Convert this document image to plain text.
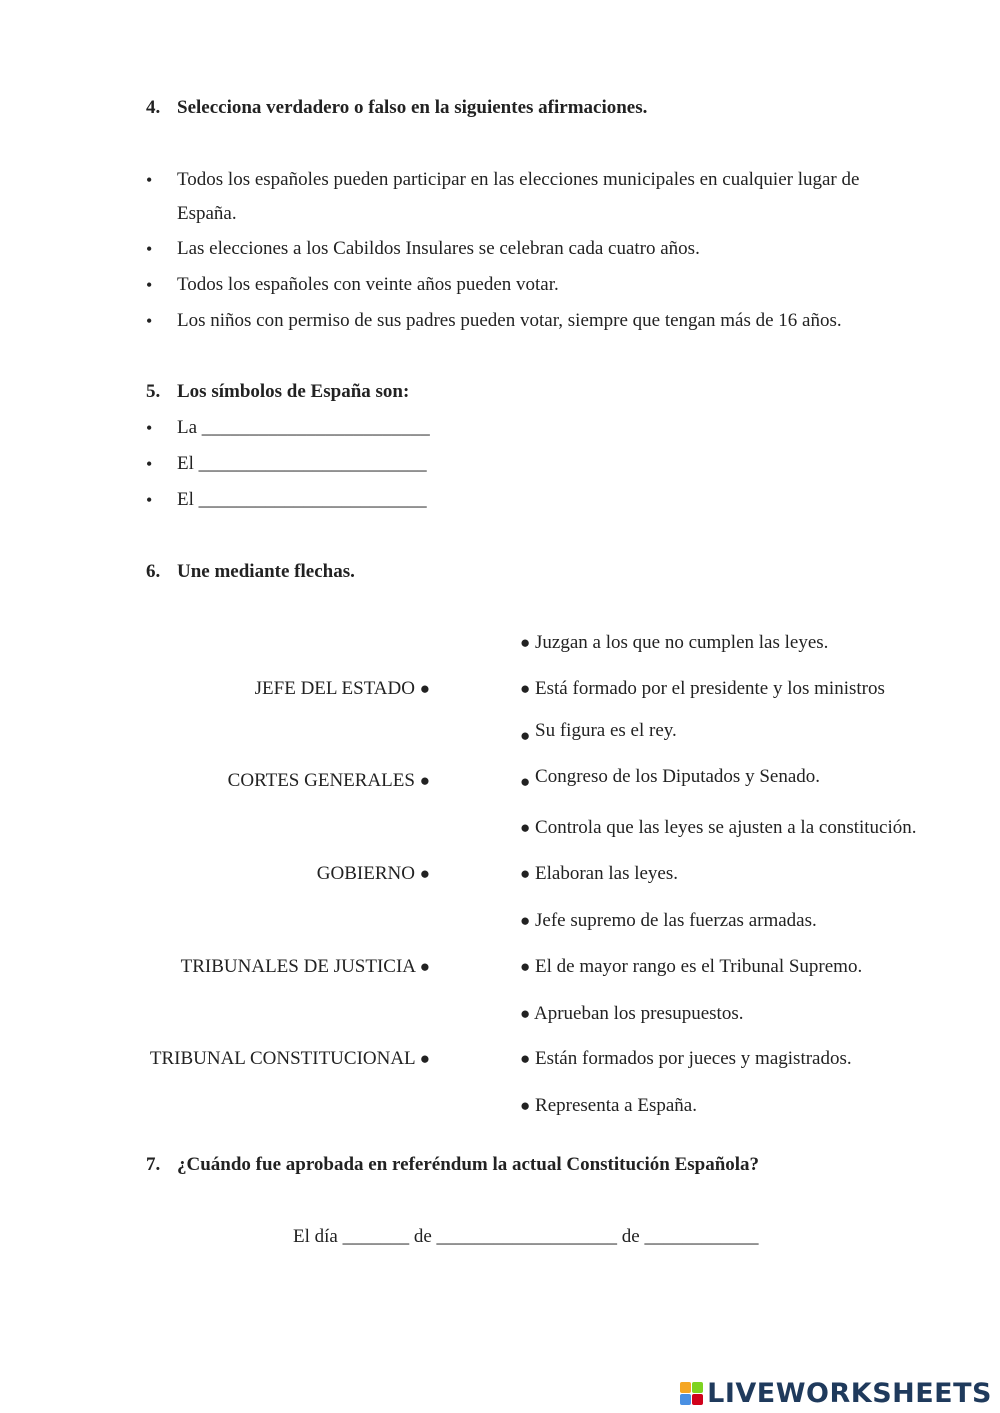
4. Selecciona verdadero o falso en la siguientes afirmaciones.
• Todos los españoles pueden participar en las elecciones municipales en cualquier lugar de
España.
• Las elecciones a los Cabildos Insulares se celebran cada cuatro años.
• Todos los españoles con veinte años pueden votar.
• Los niños con permiso de sus padres pueden votar, siempre que tengan más de 16 años.
5. Los símbolos de España son:
• La ________________________
• El ________________________
• El ________________________
6. Une mediante flechas.
JEFE DEL ESTADO ●
CORTES GENERALES ●
GOBIERNO ●
TRIBUNALES DE JUSTICIA ●
TRIBUNAL CONSTITUCIONAL ●
● Juzgan a los que no cumplen las leyes.
● Está formado por el presidente y los ministros
● Su figura es el rey.
● Congreso de los Diputados y Senado.
● Controla que las leyes se ajusten a la constitución.
● Elaboran las leyes.
● Jefe supremo de las fuerzas armadas.
● El de mayor rango es el Tribunal Supremo.
● Aprueban los presupuestos.
● Están formados por jueces y magistrados.
● Representa a España.
7. ¿Cuándo fue aprobada en referéndum la actual Constitución Española?
El día _______ de ___________________ de ____________
LIVEWORKSHEETS
